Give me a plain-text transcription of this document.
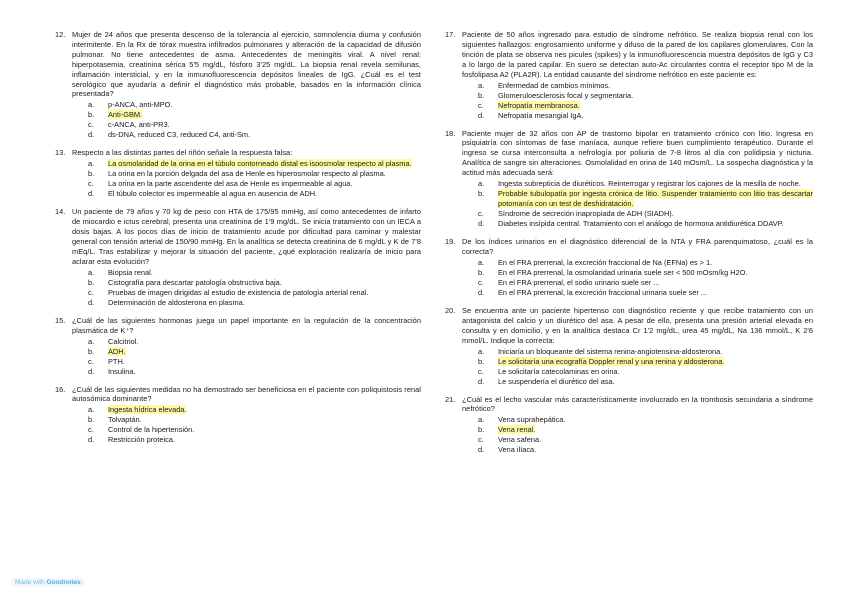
12. Mujer de 24 años que presenta descenso de la tolerancia al ejercicio, somnolencia diurna y confusión intermitente. En la Rx de tórax muestra infiltrados pulmonares y alteración de la capacidad de difusión pulmonar. No tiene antecedentes de asma. Antecedentes de meningitis viral. A nivel renal: hiperpotasemia, creatinina sérica 5'5 mg/dL, fósforo 3'25 mg/dL. La biopsia renal revela semilunas, inflamación intersticial, y en la inmunofluorescencia depósitos lineales de IgG. ¿Cuál es el test serológico que ayudaría a definir el diagnóstico más probable, basados en la información clínica presentada?
a.	p-ANCA, anti-MPO.
b.	Anti-GBM.
c.	c-ANCA, anti-PR3.
d.	ds-DNA, reduced C3, reduced C4, anti-Sm.
13. Respecto a las distintas partes del riñón señale la respuesta falsa:
a.	La osmolaridad de la orina en el túbulo contorneado distal es isoosmolar respecto al plasma.
b.	La orina en la porción delgada del asa de Henle es hiperosmolar respecto al plasma.
c.	La orina en la parte ascendente del asa de Henle es impermeable al agua.
d.	El túbulo colector es impermeable al agua en ausencia de ADH.
14. Un paciente de 79 años y 70 kg de peso con HTA de 175/95 mmHg, así como antecedentes de infarto de miocardio e ictus cerebral, presenta una creatinina de 1'9 mg/dL. Se inicia tratamiento con un IECA a dosis bajas. A los pocos días de inicio de tratamiento acude por dificultad para caminar y malestar general con tensión arterial de 150/90 mmHg. En la analítica se detecta creatinina de 6 mg/dL y K de 7'8 mEq/L. Tras estabilizar y mejorar la situación del paciente, ¿qué exploración realizaría de inicio para aclarar esta evolución?
a.	Biopsia renal.
b.	Cistografía para descartar patología obstructiva baja.
c.	Pruebas de imagen dirigidas al estudio de existencia de patología arterial renal.
d.	Determinación de aldosterona en plasma.
15. ¿Cuál de las siguientes hormonas juega un papel importante en la regulación de la concentración plasmática de K⁺?
a.	Calcitriol.
b.	ADH.
c.	PTH.
d.	Insulina.
16. ¿Cuál de las siguientes medidas no ha demostrado ser beneficiosa en el paciente con poliquistosis renal autosómica dominante?
a.	Ingesta hídrica elevada.
b.	Tolvaptán.
c.	Control de la hipertensión.
d.	Restricción proteica.
17. Paciente de 50 años ingresado para estudio de síndrome nefrótico. Se realiza biopsia renal con los siguientes hallazgos: engrosamiento uniforme y difuso de la pared de los capilares glomerulares. Con la tinción de plata se observa nes picules (spikes) y la inmunofluorescencia muestra depósitos de IgG y C3 a lo largo de la pared capilar. En suero se detectan auto-Ac circulantes contra el receptor tipo M de la fosfolipasa A2 (PLA2R). La entidad causante del síndrome nefrótico en este paciente es:
a.	Enfermedad de cambios mínimos.
b.	Glomeruloesclerosis focal y segmentaria.
c.	Nefropatía membranosa.
d.	Nefropatía mesangial IgA.
18. Paciente mujer de 32 años con AP de trastorno bipolar en tratamiento crónico con litio. Ingresa en psiquiatría con síntomas de fase maníaca, aunque refiere buen cumplimiento terapéutico. Durante el ingreso se cursa interconsulta a nefrología por poliuria de 7-8 litros al día con polidipsia y nicturia. Analítica de sangre sin alteraciones. Osmolalidad en orina de 140 mOsm/L. La sospecha diagnóstica y la actitud más adecuada será:
a.	Ingesta subrepticia de diuréticos. Reinterrogar y registrar los cajones de la mesilla de noche.
b.	Probable tubulopatía por ingesta crónica de litio. Suspender tratamiento con litio tras descartar potomanía con un test de deshidratación.
c.	Síndrome de secreción inapropiada de ADH (SIADH).
d.	Diabetes insípida central. Tratamiento con el análogo de hormona antidiurética DDAVP.
19. De los índices urinarios en el diagnóstico diferencial de la NTA y FRA parenquimatoso, ¿cuál es la correcta?
a.	En el FRA prerrenal, la excreción fraccional de Na (EFNa) es > 1.
b.	En el FRA prerrenal, la osmolaridad urinaria suele ser < 500 mOsm/kg H2O.
c.	En el FRA prerrenal, el sodio urinario suele ser ...
d.	En el FRA prerrenal, la excreción fraccional urinaria suele ser ...
20. Se encuentra ante un paciente hipertenso con diagnóstico reciente y que recibe tratamiento con un antagonista del calcio y un diurético del asa. A pesar de ello, presenta una presión arterial elevada en consulta y en domicilio, y en la analítica destaca Cr 1'2 mg/dL, urea 45 mg/dL, Na 136 mmol/L, K 2'6 mmol/L. Indique la correcta:
a.	Iniciaría un bloqueante del sistema renina-angiotensina-aldosterona.
b.	Le solicitaría una ecografía Doppler renal y una renina y aldosterona.
c.	Le solicitaría catecolaminas en orina.
d.	Le suspendería el diurético del asa.
21. ¿Cuál es el lecho vascular más característicamente involucrado en la trombosis secundaria a síndrome nefrótico?
a.	Vena suprahepática.
b.	Vena renal.
c.	Vena safena.
d.	Vena ilíaca.
Made with Goodnotes
